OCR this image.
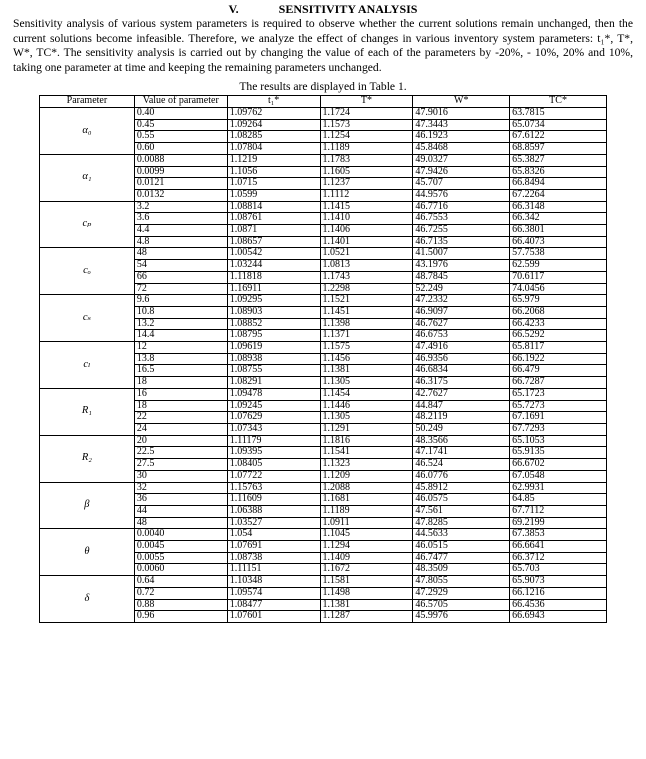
V.	SENSITIVITY ANALYSIS
Sensitivity analysis of various system parameters is required to observe whether the current solutions remain unchanged, then the current solutions become infeasible. Therefore, we analyze the effect of changes in various inventory system parameters: t₁*, T*, W*, TC*. The sensitivity analysis is carried out by changing the value of each of the parameters by -20%, - 10%, 20% and 10%, taking one parameter at time and keeping the remaining parameters unchanged.
The results are displayed in Table 1.
Parameter	Value of parameter	t₁*	T*	W*	TC*
α₀	0.40	1.09762	1.1724	47.9016	63.7815
	0.45	1.09264	1.1573	47.3443	65.0734
	0.55	1.08285	1.1254	46.1923	67.6122
	0.60	1.07804	1.1189	45.8468	68.8597
α₁	0.0088	1.1219	1.1783	49.0327	65.3827
	0.0099	1.1056	1.1605	47.9426	65.8326
	0.0121	1.0715	1.1237	45.707	66.8494
	0.0132	1.0599	1.1112	44.9576	67.2264
cₚ	3.2	1.08814	1.1415	46.7716	66.3148
	3.6	1.08761	1.1410	46.7553	66.342
	4.4	1.0871	1.1406	46.7255	66.3801
	4.8	1.08657	1.1401	46.7135	66.4073
cₒ	48	1.00542	1.0521	41.5007	57.7538
	54	1.03244	1.0813	43.1976	62.599
	66	1.11818	1.1743	48.7845	70.6117
	72	1.16911	1.2298	52.249	74.0456
cₛ	9.6	1.09295	1.1521	47.2332	65.979
	10.8	1.08903	1.1451	46.9097	66.2068
	13.2	1.08852	1.1398	46.7627	66.4233
	14.4	1.08795	1.1371	46.6753	66.5292
cₗ	12	1.09619	1.1575	47.4916	65.8117
	13.8	1.08938	1.1456	46.9356	66.1922
	16.5	1.08755	1.1381	46.6834	66.479
	18	1.08291	1.1305	46.3175	66.7287
R₁	16	1.09478	1.1454	42.7627	65.1723
	18	1.09245	1.1446	44.847	65.7273
	22	1.07629	1.1305	48.2119	67.1691
	24	1.07343	1.1291	50.249	67.7293
R₂	20	1.11179	1.1816	48.3566	65.1053
	22.5	1.09395	1.1541	47.1741	65.9135
	27.5	1.08405	1.1323	46.524	66.6702
	30	1.07722	1.1209	46.0776	67.0548
β	32	1.15763	1.2088	45.8912	62.9931
	36	1.11609	1.1681	46.0575	64.85
	44	1.06388	1.1189	47.561	67.7112
	48	1.03527	1.0911	47.8285	69.2199
θ	0.0040	1.054	1.1045	44.5633	67.3853
	0.0045	1.07691	1.1294	46.0515	66.6641
	0.0055	1.08738	1.1409	46.7477	66.3712
	0.0060	1.11151	1.1672	48.3509	65.703
δ	0.64	1.10348	1.1581	47.8055	65.9073
	0.72	1.09574	1.1498	47.2929	66.1216
	0.88	1.08477	1.1381	46.5705	66.4536
	0.96	1.07601	1.1287	45.9976	66.6943
